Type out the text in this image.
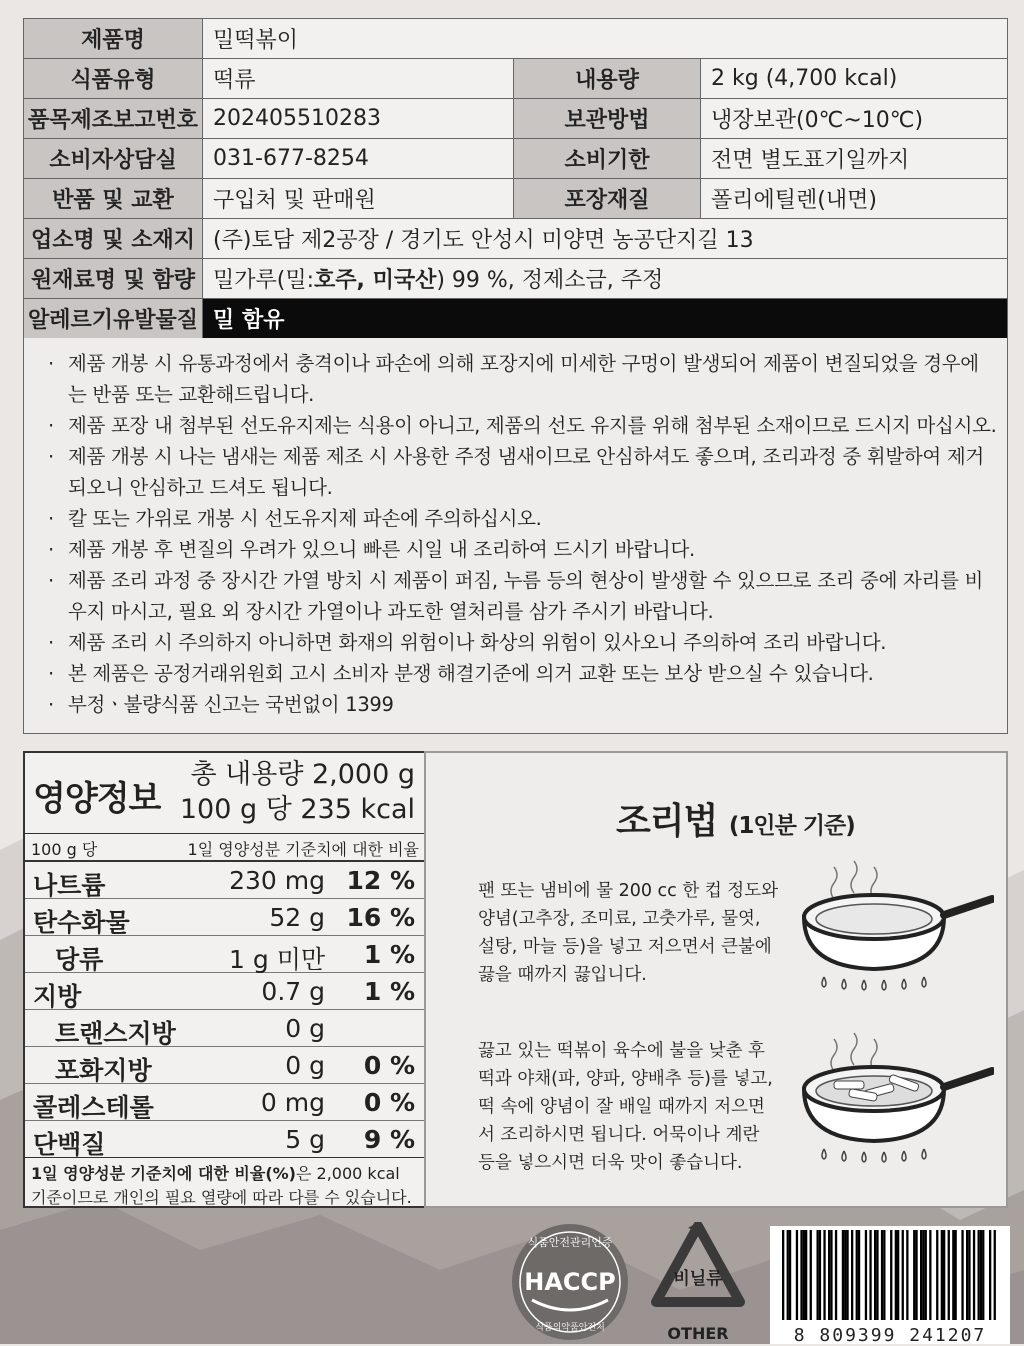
제품명	밀떡볶이		
식품유형	떡류	내용량	2 kg (4,700 kcal)
품목제조보고번호	202405510283	보관방법	냉장보관(0℃~10℃)
소비자상담실	031-677-8254	소비기한	전면 별도표기일까지
반품 및 교환	구입처 및 판매원	포장재질	폴리에틸렌(내면)
업소명 및 소재지	(주)토담 제2공장 / 경기도 안성시 미양면 농공단지길 13		
원재료명 및 함량	밀가루(밀:호주, 미국산) 99 %, 정제소금, 주정		
알레르기유발물질	밀 함유		
· 제품 개봉 시 유통과정에서 충격이나 파손에 의해 포장지에 미세한 구멍이 발생되어 제품이 변질되었을 경우에는 반품 또는 교환해드립니다.
· 제품 포장 내 첨부된 선도유지제는 식용이 아니고, 제품의 선도 유지를 위해 첨부된 소재이므로 드시지 마십시오.
· 제품 개봉 시 나는 냄새는 제품 제조 시 사용한 주정 냄새이므로 안심하셔도 좋으며, 조리과정 중 휘발하여 제거되오니 안심하고 드셔도 됩니다.
· 칼 또는 가위로 개봉 시 선도유지제 파손에 주의하십시오.
· 제품 개봉 후 변질의 우려가 있으니 빠른 시일 내 조리하여 드시기 바랍니다.
· 제품 조리 과정 중 장시간 가열 방치 시 제품이 퍼짐, 누름 등의 현상이 발생할 수 있으므로 조리 중에 자리를 비우지 마시고, 필요 외 장시간 가열이나 과도한 열처리를 삼가 주시기 바랍니다.
· 제품 조리 시 주의하지 아니하면 화재의 위험이나 화상의 위험이 있사오니 주의하여 조리 바랍니다.
· 본 제품은 공정거래위원회 고시 소비자 분쟁 해결기준에 의거 교환 또는 보상 받으실 수 있습니다.
· 부정ㆍ불량식품 신고는 국번없이 1399
영양정보
총 내용량 2,000 g
100 g 당 235 kcal
100 g 당	1일 영양성분 기준치에 대한 비율
나트륨	230 mg 12 %
탄수화물	52 g 16 %
당류	1 g 미만 1 %
지방	0.7 g 1 %
트랜스지방	0 g
포화지방	0 g 0 %
콜레스테롤	0 mg 0 %
단백질	5 g 9 %
1일 영양성분 기준치에 대한 비율(%)은 2,000 kcal 기준이므로 개인의 필요 열량에 따라 다를 수 있습니다.
조리법 (1인분 기준)
팬 또는 냄비에 물 200 cc 한 컵 정도와 양념(고추장, 조미료, 고춧가루, 물엿, 설탕, 마늘 등)을 넣고 저으면서 큰불에 끓을 때까지 끓입니다.
끓고 있는 떡볶이 육수에 불을 낮춘 후 떡과 야채(파, 양파, 양배추 등)를 넣고, 떡 속에 양념이 잘 배일 때까지 저으면서 조리하시면 됩니다. 어묵이나 계란 등을 넣으시면 더욱 맛이 좋습니다.
식품안전관리인증
HACCP
식품의약품안전처
비닐류
OTHER	8 809399 241207
